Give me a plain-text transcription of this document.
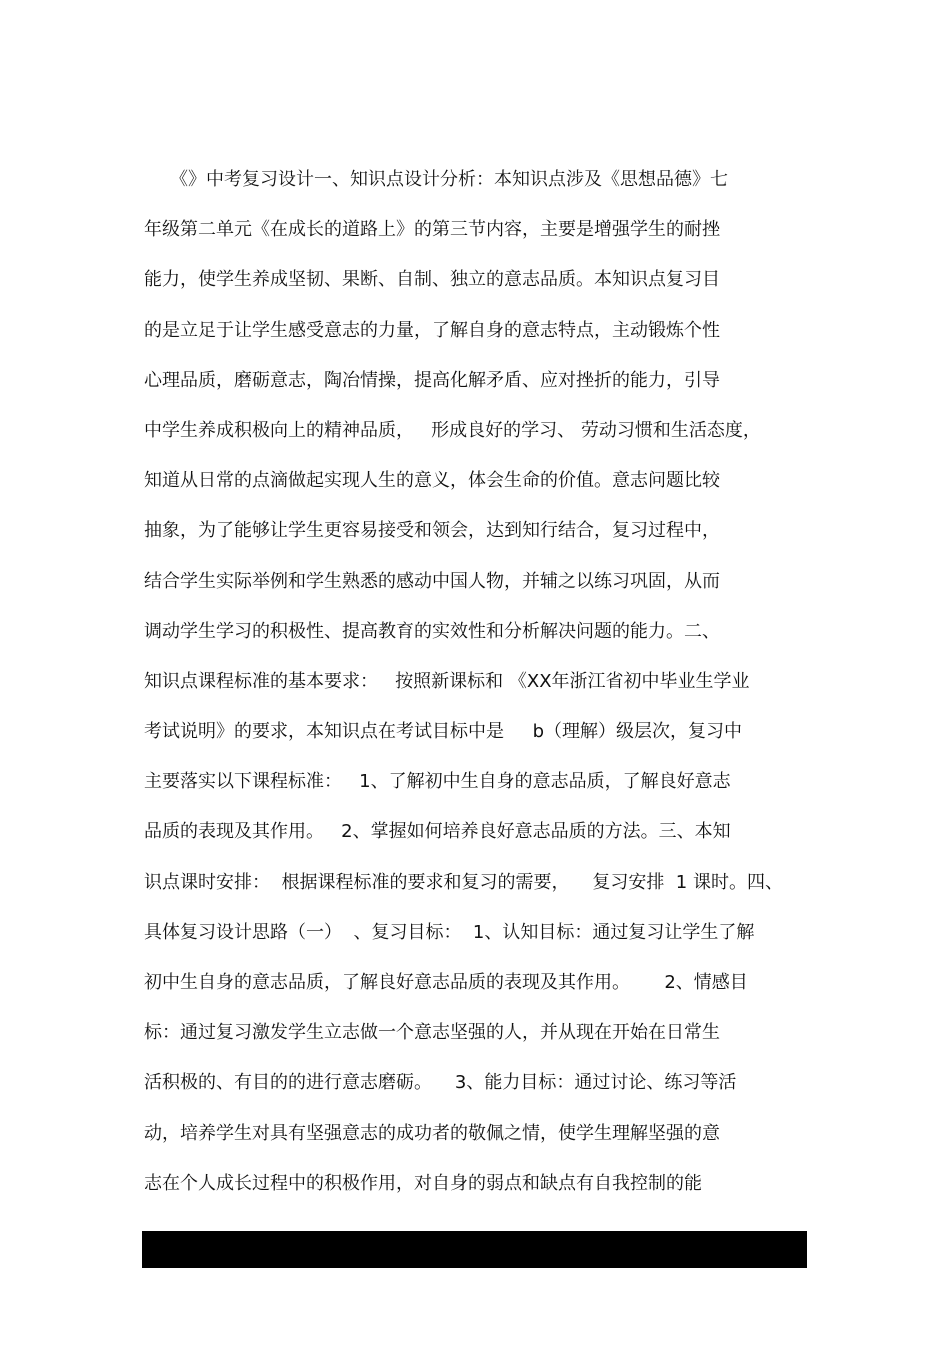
《》中考复习设计一、知识点设计分析：本知识点涉及《思想品德》七
年级第二单元《在成长的道路上》的第三节内容，主要是增强学生的耐挫
能力，使学生养成坚韧、果断、自制、独立的意志品质。本知识点复习目
的是立足于让学生感受意志的力量，了解自身的意志特点，主动锻炼个性
心理品质，磨砺意志，陶冶情操，提高化解矛盾、应对挫折的能力，引导
中学生养成积极向上的精神品质，   形成良好的学习、 劳动习惯和生活态度，
知道从日常的点滴做起实现人生的意义，体会生命的价值。意志问题比较
抽象，为了能够让学生更容易接受和领会，达到知行结合，复习过程中，
结合学生实际举例和学生熟悉的感动中国人物，并辅之以练习巩固，从而
调动学生学习的积极性、提高教育的实效性和分析解决问题的能力。二、
知识点课程标准的基本要求：   按照新课标和 《XX年浙江省初中毕业生学业
考试说明》的要求，本知识点在考试目标中是     b（理解）级层次，复习中
主要落实以下课程标准：   1、了解初中生自身的意志品质，了解良好意志
品质的表现及其作用。   2、掌握如何培养良好意志品质的方法。三、本知
识点课时安排：  根据课程标准的要求和复习的需要，    复习安排  1 课时。四、
具体复习设计思路（一）  、复习目标：  1、认知目标：通过复习让学生了解
初中生自身的意志品质，了解良好意志品质的表现及其作用。      2、情感目
标：通过复习激发学生立志做一个意志坚强的人，并从现在开始在日常生
活积极的、有目的的进行意志磨砺。    3、能力目标：通过讨论、练习等活
动，培养学生对具有坚强意志的成功者的敬佩之情，使学生理解坚强的意
志在个人成长过程中的积极作用，对自身的弱点和缺点有自我控制的能
